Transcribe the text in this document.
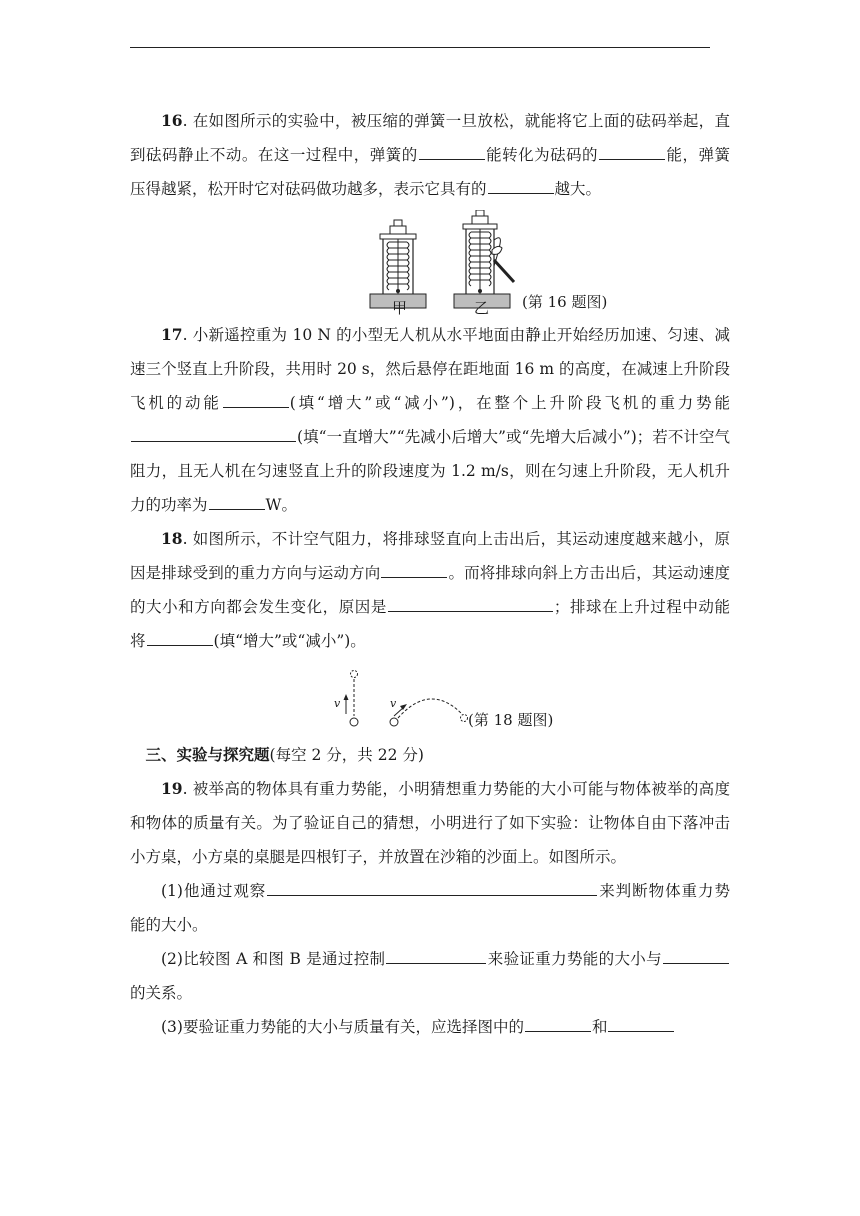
16. 在如图所示的实验中，被压缩的弹簧一旦放松，就能将它上面的砝码举起，直到砝码静止不动。在这一过程中，弹簧的	能转化为砝码的	能，弹簧压得越紧，松开时它对砝码做功越多，表示它具有的	越大。

甲	乙 (第 16 题图)

17. 小新遥控重为 10 N 的小型无人机从水平地面由静止开始经历加速、匀速、减速三个竖直上升阶段，共用时 20 s，然后悬停在距地面 16 m 的高度，在减速上升阶段飞机的动能	(填“增大”或“减小”)，在整个上升阶段飞机的重力势能(填“一直增大”“先减小后增大”或“先增大后减小”)；若不计空气阻力，且无人机在匀速竖直上升的阶段速度为 1.2 m/s，则在匀速上升阶段，无人机升力的功率为	W。

18. 如图所示，不计空气阻力，将排球竖直向上击出后，其运动速度越来越小，原因是排球受到的重力方向与运动方向	。而将排球向斜上方击出后，其运动速度的大小和方向都会发生变化，原因是	；排球在上升过程中动能将	(填“增大”或“减小”)。

v	v
(第 18 题图)

三、实验与探究题(每空 2 分，共 22 分)

19. 被举高的物体具有重力势能，小明猜想重力势能的大小可能与物体被举的高度和物体的质量有关。为了验证自己的猜想，小明进行了如下实验：让物体自由下落冲击小方桌，小方桌的桌腿是四根钉子，并放置在沙箱的沙面上。如图所示。

(1)他通过观察	来判断物体重力势能的大小。

(2)比较图 A 和图 B 是通过控制	来验证重力势能的大小与的关系。

(3)要验证重力势能的大小与质量有关，应选择图中的	和
